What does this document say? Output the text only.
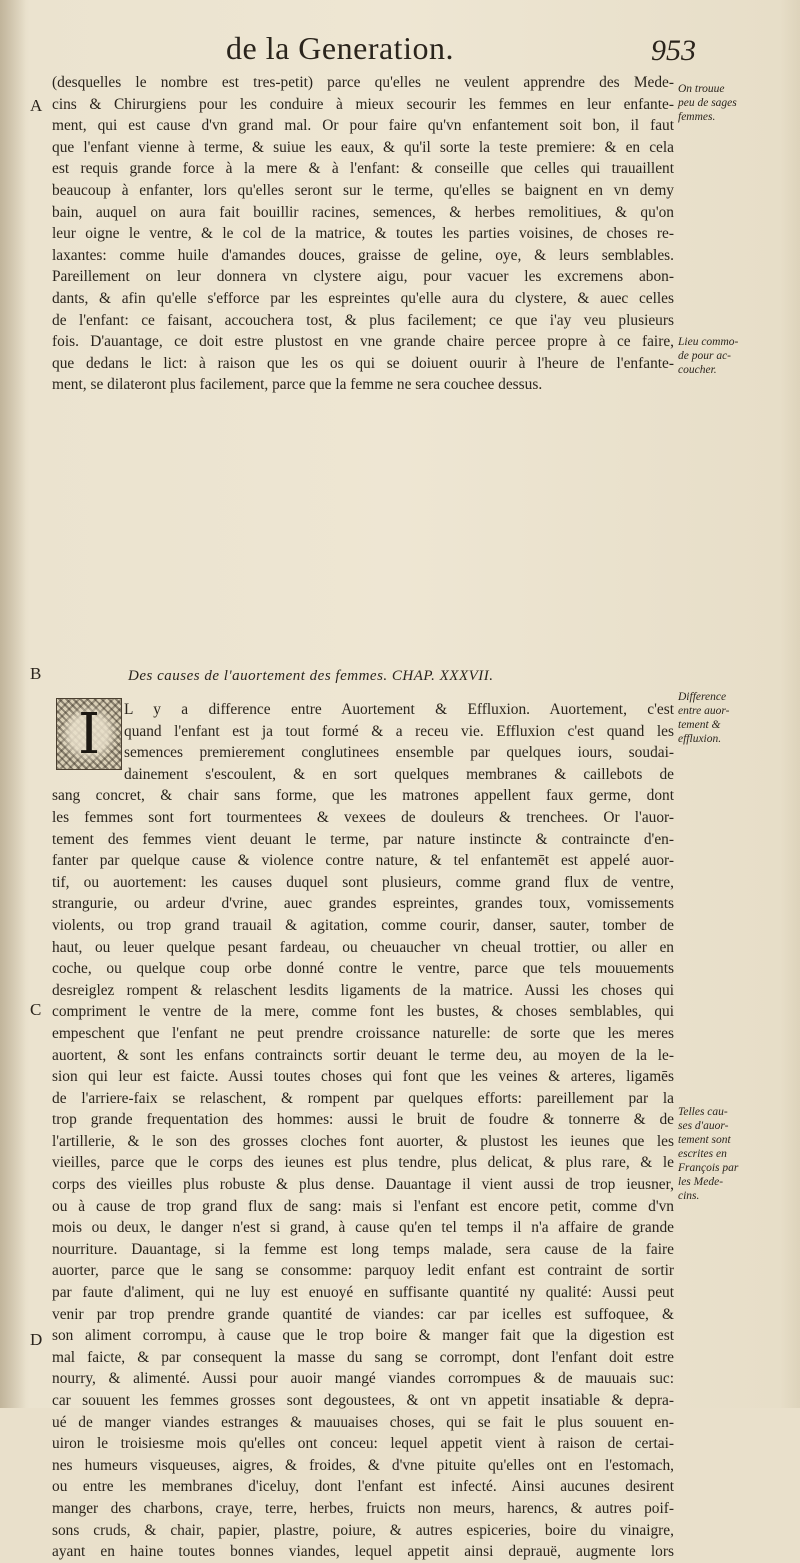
de la Generation.	953
A
B
C
D
(desquelles le nombre est tres-petit) parce qu'elles ne veulent apprendre des Mede-
cins & Chirurgiens pour les conduire à mieux secourir les femmes en leur enfante-
ment, qui est cause d'vn grand mal. Or pour faire qu'vn enfantement soit bon, il faut
que l'enfant vienne à terme, & suiue les eaux, & qu'il sorte la teste premiere: & en cela
est requis grande force à la mere & à l'enfant: & conseille que celles qui trauaillent
beaucoup à enfanter, lors qu'elles seront sur le terme, qu'elles se baignent en vn demy
bain, auquel on aura fait bouillir racines, semences, & herbes remolitiues, & qu'on
leur oigne le ventre, & le col de la matrice, & toutes les parties voisines, de choses re-
laxantes: comme huile d'amandes douces, graisse de geline, oye, & leurs semblables.
Pareillement on leur donnera vn clystere aigu, pour vacuer les excremens abon-
dants, & afin qu'elle s'efforce par les espreintes qu'elle aura du clystere, & auec celles
de l'enfant: ce faisant, accouchera tost, & plus facilement; ce que i'ay veu plusieurs
fois. D'auantage, ce doit estre plustost en vne grande chaire percee propre à ce faire,
que dedans le lict: à raison que les os qui se doiuent ouurir à l'heure de l'enfante-
ment, se dilateront plus facilement, parce que la femme ne sera couchee dessus.
Des causes de l'auortement des femmes. CHAP. XXXVII.
I	L y a difference entre Auortement & Effluxion. Auortement, c'est
quand l'enfant est ja tout formé & a receu vie. Effluxion c'est quand les
semences premierement conglutinees ensemble par quelques iours, soudai-
dainement s'escoulent, & en sort quelques membranes & caillebots de
sang concret, & chair sans forme, que les matrones appellent faux germe, dont
les femmes sont fort tourmentees & vexees de douleurs & trenchees. Or l'auor-
tement des femmes vient deuant le terme, par nature instincte & contraincte d'en-
fanter par quelque cause & violence contre nature, & tel enfantemēt est appelé auor-
tif, ou auortement: les causes duquel sont plusieurs, comme grand flux de ventre,
strangurie, ou ardeur d'vrine, auec grandes espreintes, grandes toux, vomissements
violents, ou trop grand trauail & agitation, comme courir, danser, sauter, tomber de
haut, ou leuer quelque pesant fardeau, ou cheuaucher vn cheual trottier, ou aller en
coche, ou quelque coup orbe donné contre le ventre, parce que tels mouuements
desreiglez rompent & relaschent lesdits ligaments de la matrice. Aussi les choses qui
compriment le ventre de la mere, comme font les bustes, & choses semblables, qui
empeschent que l'enfant ne peut prendre croissance naturelle: de sorte que les meres
auortent, & sont les enfans contraincts sortir deuant le terme deu, au moyen de la le-
sion qui leur est faicte. Aussi toutes choses qui font que les veines & arteres, ligamēs
de l'arriere-faix se relaschent, & rompent par quelques efforts: pareillement par la
trop grande frequentation des hommes: aussi le bruit de foudre & tonnerre & de
l'artillerie, & le son des grosses cloches font auorter, & plustost les ieunes que les
vieilles, parce que le corps des ieunes est plus tendre, plus delicat, & plus rare, & le
corps des vieilles plus robuste & plus dense. Dauantage il vient aussi de trop ieusner,
ou à cause de trop grand flux de sang: mais si l'enfant est encore petit, comme d'vn
mois ou deux, le danger n'est si grand, à cause qu'en tel temps il n'a affaire de grande
nourriture. Dauantage, si la femme est long temps malade, sera cause de la faire
auorter, parce que le sang se consomme: parquoy ledit enfant est contraint de sortir
par faute d'aliment, qui ne luy est enuoyé en suffisante quantité ny qualité: Aussi peut
venir par trop prendre grande quantité de viandes: car par icelles est suffoquee, &
son aliment corrompu, à cause que le trop boire & manger fait que la digestion est
mal faicte, & par consequent la masse du sang se corrompt, dont l'enfant doit estre
nourry, & alimenté. Aussi pour auoir mangé viandes corrompues & de mauuais suc:
car souuent les femmes grosses sont degoustees, & ont vn appetit insatiable & depra-
ué de manger viandes estranges & mauuaises choses, qui se fait le plus souuent en-
uiron le troisiesme mois qu'elles ont conceu: lequel appetit vient à raison de certai-
nes humeurs visqueuses, aigres, & froides, & d'vne pituite qu'elles ont en l'estomach,
ou entre les membranes d'iceluy, dont l'enfant est infecté. Ainsi aucunes desirent
manger des charbons, craye, terre, herbes, fruicts non meurs, harencs, & autres poif-
sons cruds, & chair, papier, plastre, poiure, & autres espiceries, boire du vinaigre,
ayant en haine toutes bonnes viandes, lequel appetit ainsi deprauë, augmente lors
On trouue
peu de sages
femmes.
Lieu commo-
de pour ac-
coucher.
Difference
entre auor-
tement &
effluxion.
Telles cau-
ses d'auor-
tement sont
escrites en
François par
les Mede-
cins.
